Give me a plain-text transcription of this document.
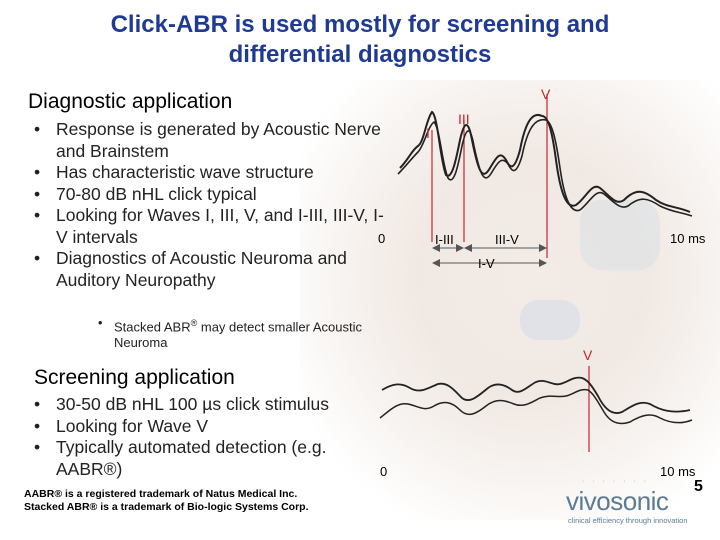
Click-ABR is used mostly for screening and
differential diagnostics
Diagnostic application
• Response is generated by Acoustic Nerve and Brainstem
• Has characteristic wave structure
• 70-80 dB nHL click typical
• Looking for Waves I, III, V, and I-III, III-V, I-V intervals
• Diagnostics of Acoustic Neuroma and Auditory Neuropathy
• Stacked ABR® may detect smaller Acoustic Neuroma
Screening application
• 30-50 dB nHL 100 µs click stimulus
• Looking for Wave V
• Typically automated detection (e.g. AABR®)
I
III
V
I-III	III-V
I-V
0	10 ms
V
0	10 ms
AABR® is a registered trademark of Natus Medical Inc.
Stacked ABR® is a trademark of Bio-logic Systems Corp.
· · · · · · ·
vivosonic
clinical efficiency through innovation
5
